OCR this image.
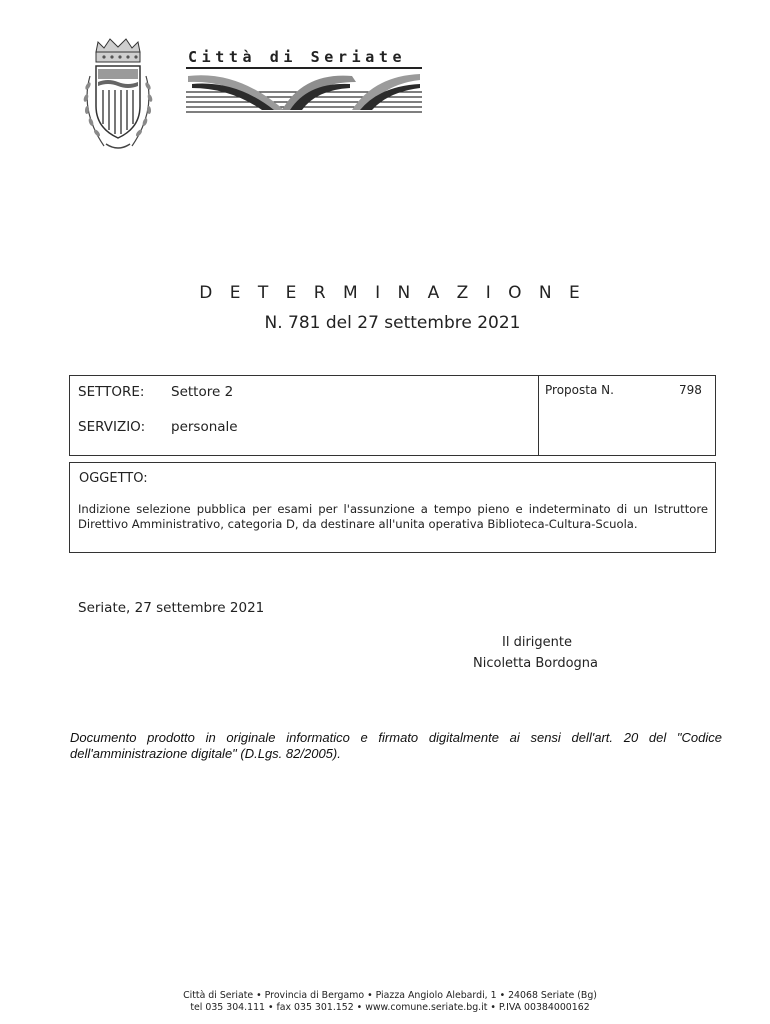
Città di Seriate
D E T E R M I N A Z I O N E
N. 781 del 27 settembre 2021
SETTORE: Settore 2
SERVIZIO: personale
Proposta N.	798
OGGETTO:
Indizione selezione pubblica per esami per l'assunzione a tempo pieno e indeterminato di un Istruttore Direttivo Amministrativo, categoria D, da destinare all'unita operativa Biblioteca-Cultura-Scuola.
Seriate, 27 settembre 2021
Il dirigente
Nicoletta Bordogna
Documento prodotto in originale informatico e firmato digitalmente ai sensi dell'art. 20 del "Codice dell'amministrazione digitale" (D.Lgs. 82/2005).
Città di Seriate • Provincia di Bergamo • Piazza Angiolo Alebardi, 1 • 24068 Seriate (Bg)
tel 035 304.111 • fax 035 301.152 • www.comune.seriate.bg.it • P.IVA 00384000162
